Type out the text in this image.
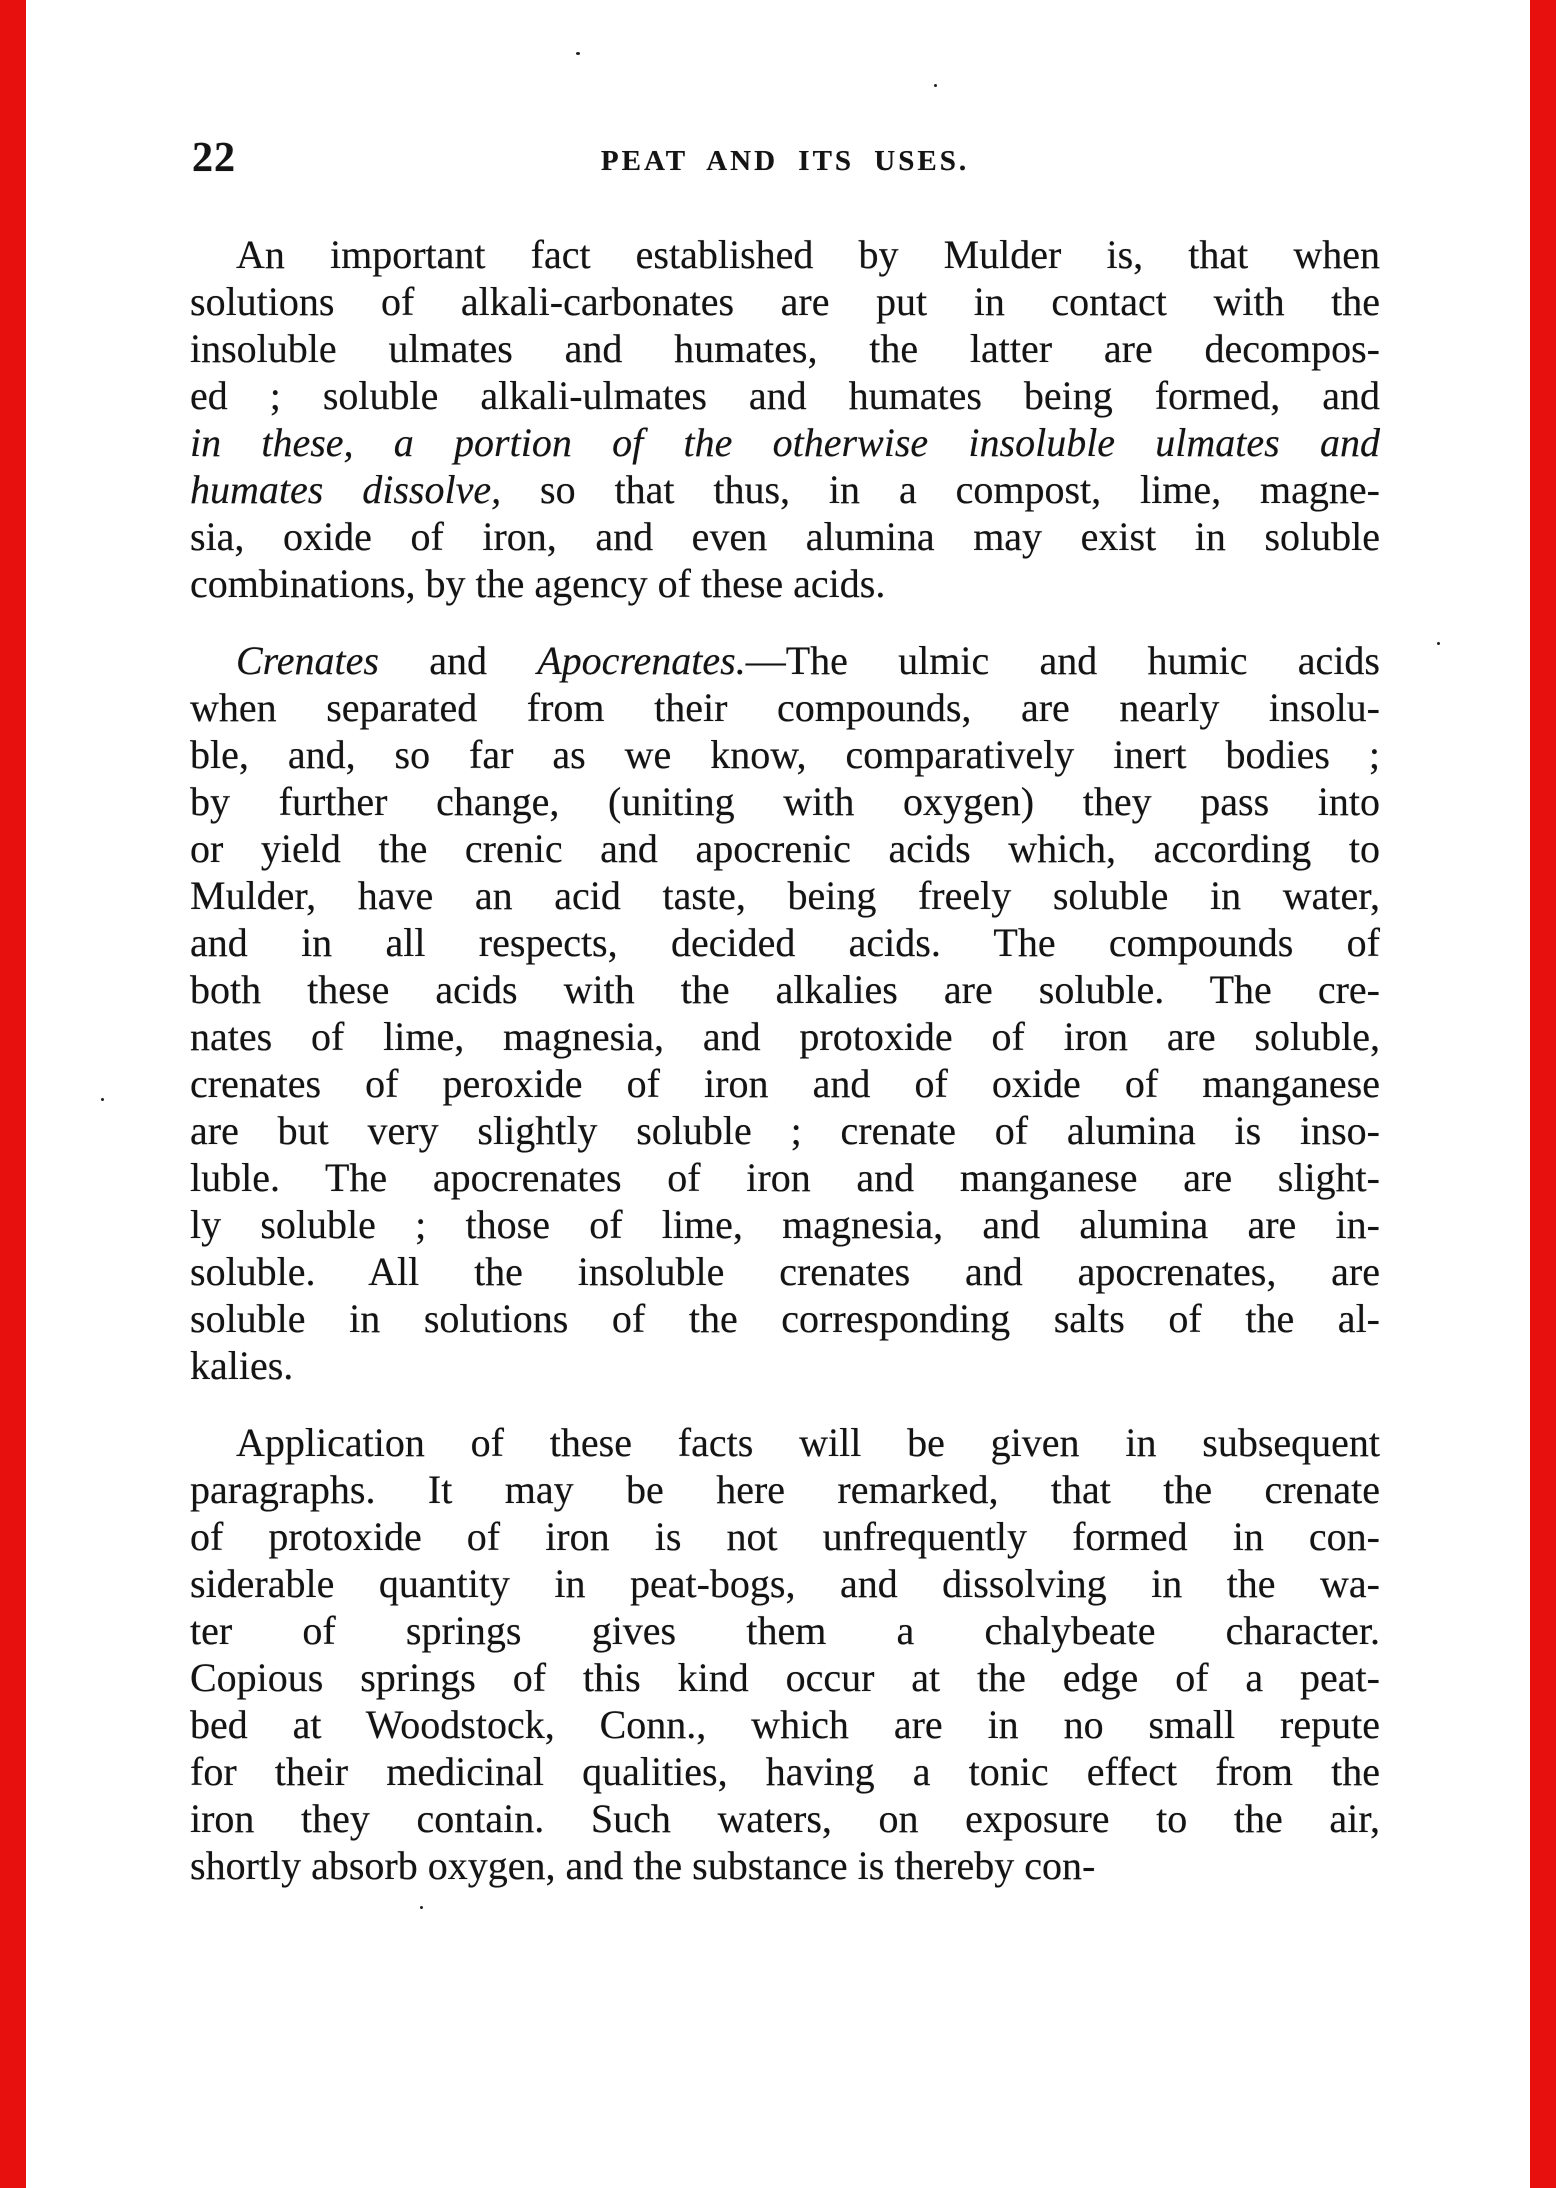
22	PEAT AND ITS USES.
An important fact established by Mulder is, that when
solutions of alkali-carbonates are put in contact with the
insoluble ulmates and humates, the latter are decompos-
ed ; soluble alkali-ulmates and humates being formed, and
in these, a portion of the otherwise insoluble ulmates and
humates dissolve, so that thus, in a compost, lime, magne-
sia, oxide of iron, and even alumina may exist in soluble
combinations, by the agency of these acids.
Crenates and Apocrenates.—The ulmic and humic acids
when separated from their compounds, are nearly insolu-
ble, and, so far as we know, comparatively inert bodies ;
by further change, (uniting with oxygen) they pass into
or yield the crenic and apocrenic acids which, according to
Mulder, have an acid taste, being freely soluble in water,
and in all respects, decided acids. The compounds of
both these acids with the alkalies are soluble. The cre-
nates of lime, magnesia, and protoxide of iron are soluble,
crenates of peroxide of iron and of oxide of manganese
are but very slightly soluble ; crenate of alumina is inso-
luble. The apocrenates of iron and manganese are slight-
ly soluble ; those of lime, magnesia, and alumina are in-
soluble. All the insoluble crenates and apocrenates, are
soluble in solutions of the corresponding salts of the al-
kalies.
Application of these facts will be given in subsequent
paragraphs. It may be here remarked, that the crenate
of protoxide of iron is not unfrequently formed in con-
siderable quantity in peat-bogs, and dissolving in the wa-
ter of springs gives them a chalybeate character.
Copious springs of this kind occur at the edge of a peat-
bed at Woodstock, Conn., which are in no small repute
for their medicinal qualities, having a tonic effect from the
iron they contain. Such waters, on exposure to the air,
shortly absorb oxygen, and the substance is thereby con-
